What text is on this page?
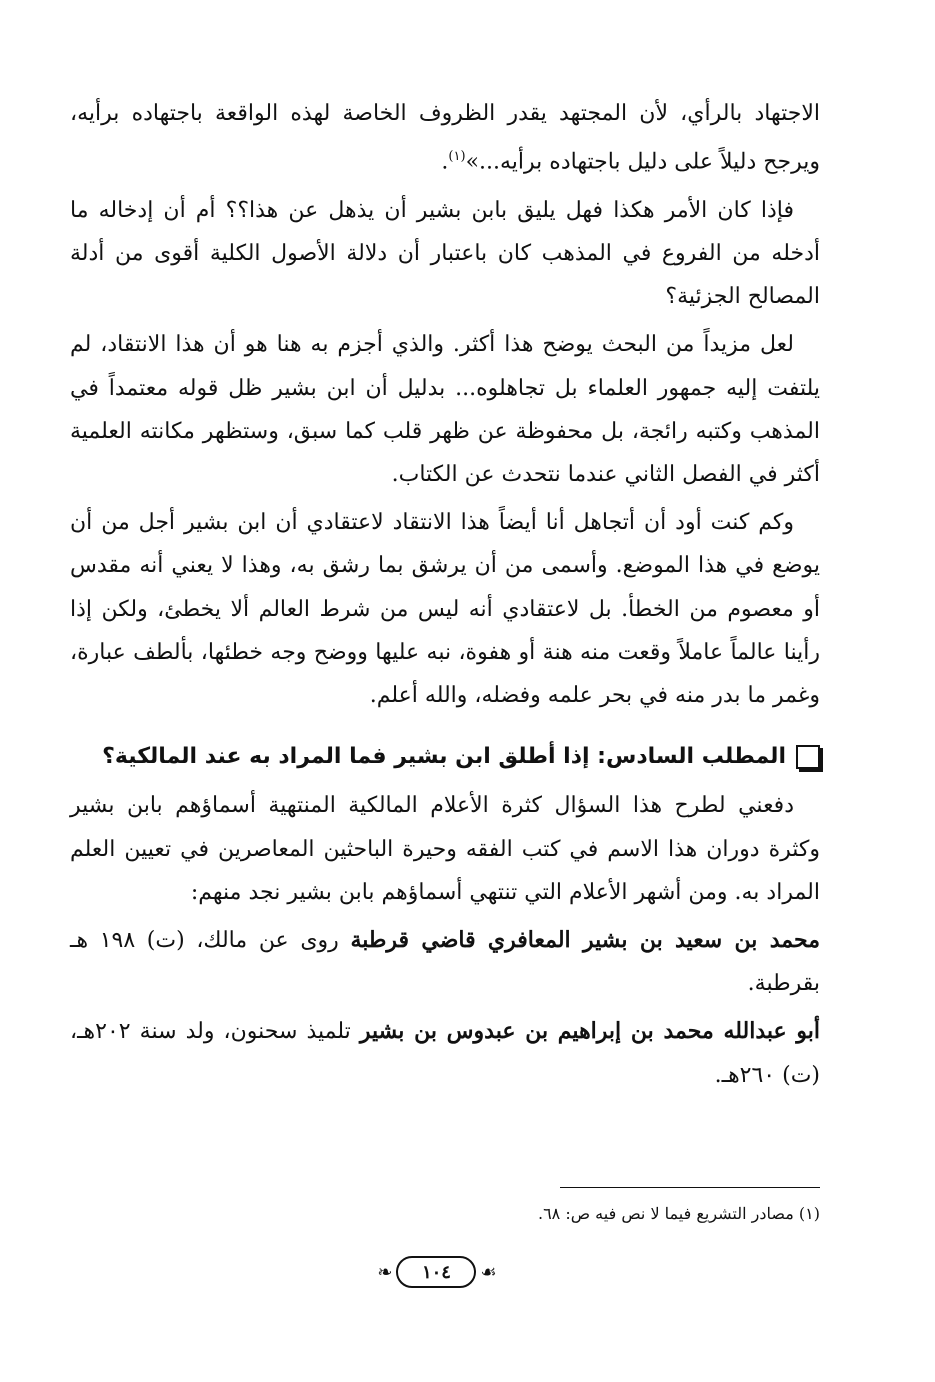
الاجتهاد بالرأي، لأن المجتهد يقدر الظروف الخاصة لهذه الواقعة باجتهاده برأيه، ويرجح دليلاً على دليل باجتهاده برأيه...»$^{(١)}$.

فإذا كان الأمر هكذا فهل يليق بابن بشير أن يذهل عن هذا؟؟ أم أن إدخاله ما أدخله من الفروع في المذهب كان باعتبار أن دلالة الأصول الكلية أقوى من أدلة المصالح الجزئية؟

لعل مزيداً من البحث يوضح هذا أكثر. والذي أجزم به هنا هو أن هذا الانتقاد، لم يلتفت إليه جمهور العلماء بل تجاهلوه... بدليل أن ابن بشير ظل قوله معتمداً في المذهب وكتبه رائجة، بل محفوظة عن ظهر قلب كما سبق، وستظهر مكانته العلمية أكثر في الفصل الثاني عندما نتحدث عن الكتاب.

وكم كنت أود أن أتجاهل أنا أيضاً هذا الانتقاد لاعتقادي أن ابن بشير أجل من أن يوضع في هذا الموضع. وأسمى من أن يرشق بما رشق به، وهذا لا يعني أنه مقدس أو معصوم من الخطأ. بل لاعتقادي أنه ليس من شرط العالم ألا يخطئ، ولكن إذا رأينا عالماً عاملاً وقعت منه هنة أو هفوة، نبه عليها ووضح وجه خطئها، بألطف عبارة، وغمر ما بدر منه في بحر علمه وفضله، والله أعلم.

المطلب السادس: إذا أطلق ابن بشير فما المراد به عند المالكية؟

دفعني لطرح هذا السؤال كثرة الأعلام المالكية المنتهية أسماؤهم بابن بشير وكثرة دوران هذا الاسم في كتب الفقه وحيرة الباحثين المعاصرين في تعيين العلم المراد به. ومن أشهر الأعلام التي تنتهي أسماؤهم بابن بشير نجد منهم:

محمد بن سعيد بن بشير المعافري قاضي قرطبة روى عن مالك، (ت) ١٩٨ هـ بقرطبة.

أبو عبدالله محمد بن إبراهيم بن عبدوس بن بشير تلميذ سحنون، ولد سنة ٢٠٢هـ، (ت) ٢٦٠هـ.

(١) مصادر التشريع فيما لا نص فيه ص: ٦٨.
❧	١٠٤	☙
